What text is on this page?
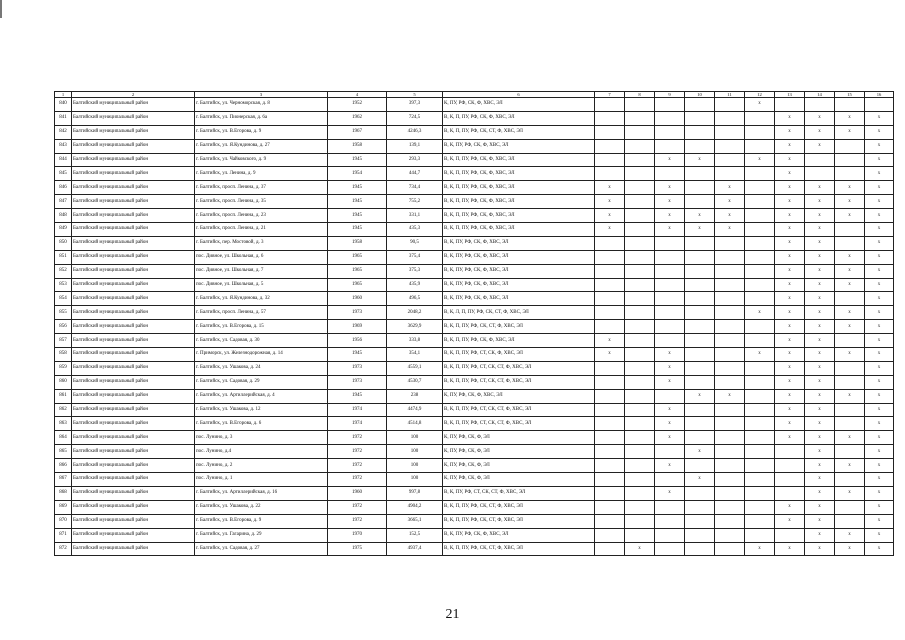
1	2	3	4	5	6	7	8	9	10	11	12	13	14	15	16
840	Балтийский муниципальный район	г. Балтийск, ул. Черноморская, д. 8	1952	397,3	К, ПУ, РФ, СК, Ф, ХВС, ЭЛ						x				
841	Балтийский муниципальный район	г. Балтийск, ул. Пионерская, д. 6а	1962	724,5	В, К, П, ПУ, РФ, СК, Ф, ХВС, ЭЛ							x	x	x	x
842	Балтийский муниципальный район	г. Балтийск, ул. В.Егорова, д. 9	1967	4246,3	В, К, П, ПУ, РФ, СК, СТ, Ф, ХВС, ЭЛ							x	x	x	x
843	Балтийский муниципальный район	г. Балтийск, ул. Я.Кундинова, д. 27	1958	139,1	В, К, ПУ, РФ, СК, Ф, ХВС, ЭЛ							x	x		x
844	Балтийский муниципальный район	г. Балтийск, ул. Чайковского, д. 9	1945	293,3	В, К, П, ПУ, РФ, СК, Ф, ХВС, ЭЛ			x	x		x	x			x
845	Балтийский муниципальный район	г. Балтийск, ул. Ленина, д. 9	1954	444,7	В, К, П, ПУ, РФ, СК, Ф, ХВС, ЭЛ							x			x
846	Балтийский муниципальный район	г. Балтийск, просп. Ленина, д. 37	1945	734,4	В, К, П, ПУ, РФ, СК, Ф, ХВС, ЭЛ	x		x		x		x	x	x	x
847	Балтийский муниципальный район	г. Балтийск, просп. Ленина, д. 35	1945	755,2	В, К, П, ПУ, РФ, СК, Ф, ХВС, ЭЛ	x		x		x		x	x	x	x
848	Балтийский муниципальный район	г. Балтийск, просп. Ленина, д. 23	1945	331,1	В, К, П, ПУ, РФ, СК, Ф, ХВС, ЭЛ	x		x	x	x		x	x	x	x
849	Балтийский муниципальный район	г. Балтийск, просп. Ленина, д. 21	1945	435,3	В, К, П, ПУ, РФ, СК, Ф, ХВС, ЭЛ	x		x	x	x		x	x		x
850	Балтийский муниципальный район	г. Балтийск, пер. Мостовой, д. 3	1958	90,5	В, К, ПУ, РФ, СК, Ф, ХВС, ЭЛ							x	x		x
851	Балтийский муниципальный район	пос. Дивное, ул. Школьная, д. 6	1965	375,4	В, К, ПУ, РФ, СК, Ф, ХВС, ЭЛ							x	x	x	x
852	Балтийский муниципальный район	пос. Дивное, ул. Школьная, д. 7	1965	375,3	В, К, ПУ, РФ, СК, Ф, ХВС, ЭЛ							x	x	x	x
853	Балтийский муниципальный район	пос. Дивное, ул. Школьная, д. 5	1965	435,9	В, К, ПУ, РФ, СК, Ф, ХВС, ЭЛ							x	x	x	x
854	Балтийский муниципальный район	г. Балтийск, ул. Я.Кундинова, д. 32	1960	496,5	В, К, ПУ, РФ, СК, Ф, ХВС, ЭЛ							x	x		x
855	Балтийский муниципальный район	г. Балтийск, просп. Ленина, д. 57	1973	2048,2	В, К, Л, П, ПУ, РФ, СК, СТ, Ф, ХВС, ЭЛ						x	x	x	x	x
856	Балтийский муниципальный район	г. Балтийск, ул. В.Егорова, д. 15	1969	3629,9	В, К, П, ПУ, РФ, СК, СТ, Ф, ХВС, ЭЛ							x	x	x	x
857	Балтийский муниципальный район	г. Балтийск, ул. Садовая, д. 30	1956	333,8	В, К, П, ПУ, РФ, СК, Ф, ХВС, ЭЛ	x						x	x		x
858	Балтийский муниципальный район	г. Приморск, ул. Железнодорожная, д. 14	1945	354,1	В, К, П, ПУ, РФ, СТ, СК, Ф, ХВС, ЭЛ	x		x			x	x	x	x	x
859	Балтийский муниципальный район	г. Балтийск, ул. Ушакова, д. 24	1973	4559,1	В, К, П, ПУ, РФ, СТ, СК, СТ, Ф, ХВС, ЭЛ			x				x	x		x
860	Балтийский муниципальный район	г. Балтийск, ул. Садовая, д. 29	1973	4530,7	В, К, П, ПУ, РФ, СТ, СК, СТ, Ф, ХВС, ЭЛ			x				x	x		x
861	Балтийский муниципальный район	г. Балтийск, ул. Артиллерийская, д. 4	1945	238	К, ПУ, РФ, СК, Ф, ХВС, ЭЛ				x	x		x	x	x	x
862	Балтийский муниципальный район	г. Балтийск, ул. Ушакова, д. 12	1974	4474,9	В, К, П, ПУ, РФ, СТ, СК, СТ, Ф, ХВС, ЭЛ			x				x	x		x
863	Балтийский муниципальный район	г. Балтийск, ул. В.Егорова, д. 6	1974	4514,8	В, К, П, ПУ, РФ, СТ, СК, СТ, Ф, ХВС, ЭЛ			x				x	x		x
864	Балтийский муниципальный район	пос. Лунино, д. 3	1972	100	К, ПУ, РФ, СК, Ф, ЭЛ			x				x	x	x	x
865	Балтийский муниципальный район	пос. Лунино, д.4	1972	100	К, ПУ, РФ, СК, Ф, ЭЛ				x				x		x
866	Балтийский муниципальный район	пос. Лунино, д. 2	1972	100	К, ПУ, РФ, СК, Ф, ЭЛ			x					x	x	x
867	Балтийский муниципальный район	пос. Лунино, д. 1	1972	100	К, ПУ, РФ, СК, Ф, ЭЛ				x				x		x
868	Балтийский муниципальный район	г. Балтийск, ул. Артиллерийская, д. 16	1960	997,8	В, К, ПУ, РФ, СТ, СК, СТ, Ф, ХВС, ЭЛ			x					x	x	x
869	Балтийский муниципальный район	г. Балтийск, ул. Ушакова, д. 22	1972	4904,2	В, К, П, ПУ, РФ, СК, СТ, Ф, ХВС, ЭЛ							x	x		x
870	Балтийский муниципальный район	г. Балтийск, ул. В.Егорова, д. 9	1972	3665,1	В, К, П, ПУ, РФ, СК, СТ, Ф, ХВС, ЭЛ							x	x		x
871	Балтийский муниципальный район	г. Балтийск, ул. Гагарина, д. 29	1970	152,5	В, К, ПУ, РФ, СК, Ф, ХВС, ЭЛ								x	x	x
872	Балтийский муниципальный район	г. Балтийск, ул. Садовая, д. 27	1975	4937,4	В, К, П, ПУ, РФ, СК, СТ, Ф, ХВС, ЭЛ		x				x	x	x	x	x
21
